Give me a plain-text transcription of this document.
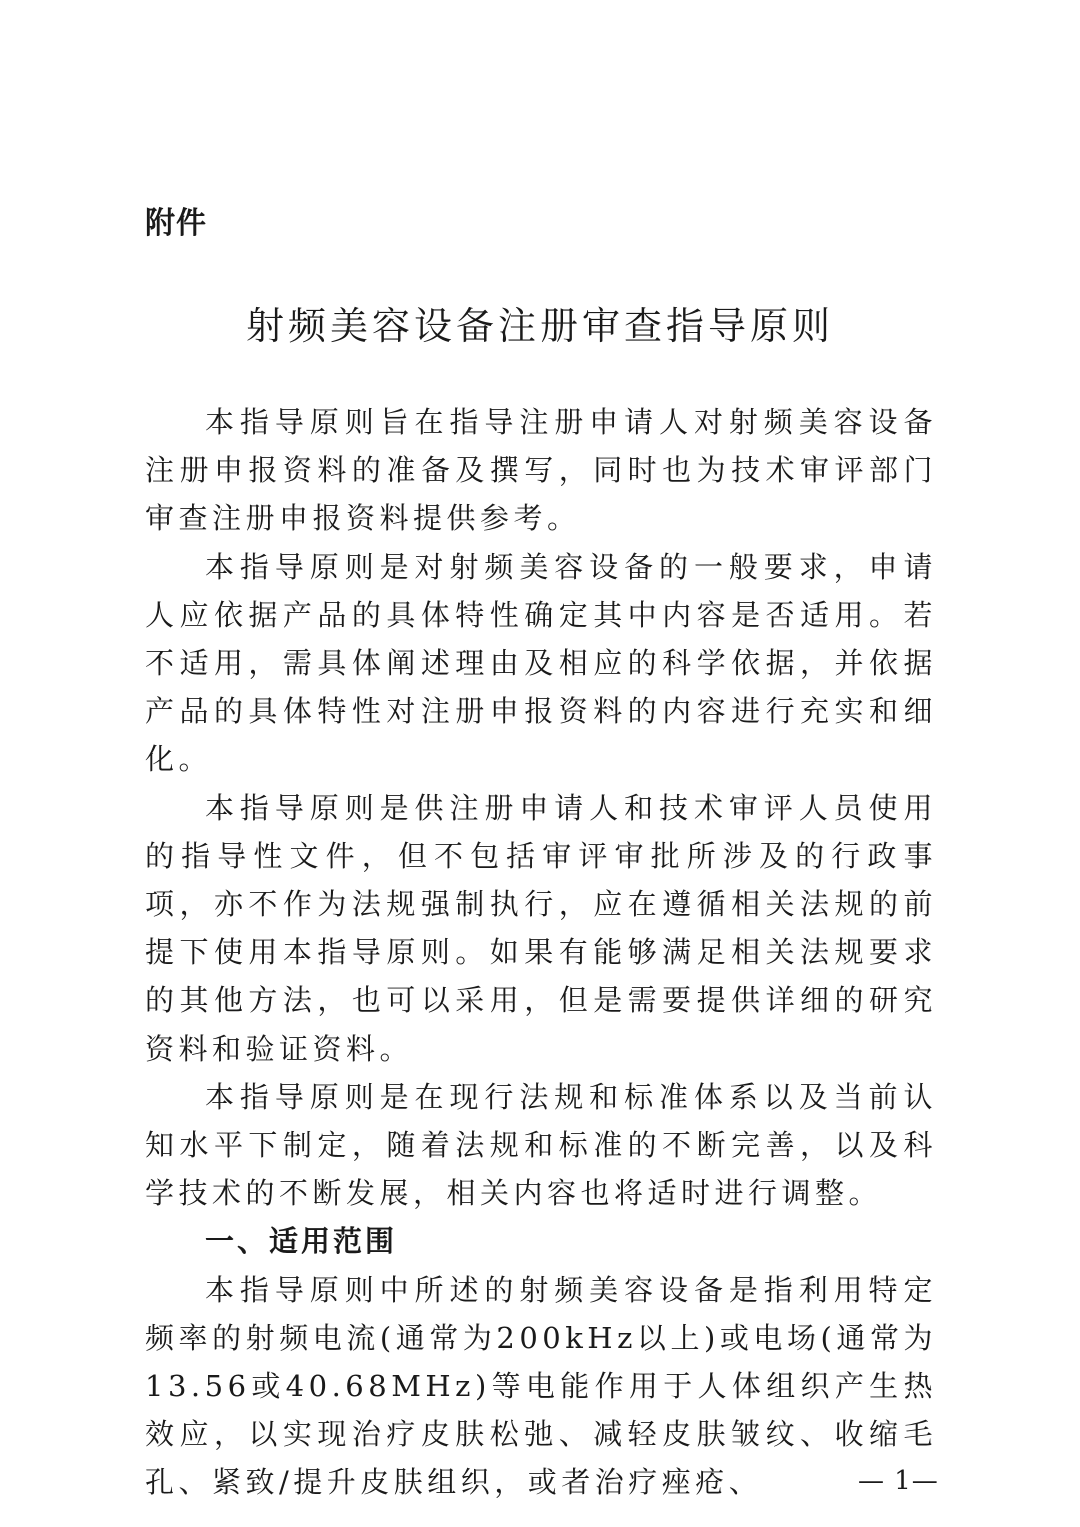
附件
射频美容设备注册审查指导原则

本指导原则旨在指导注册申请人对射频美容设备注册申报资料的准备及撰写，同时也为技术审评部门审查注册申报资料提供参考。

本指导原则是对射频美容设备的一般要求，申请人应依据产品的具体特性确定其中内容是否适用。若不适用，需具体阐述理由及相应的科学依据，并依据产品的具体特性对注册申报资料的内容进行充实和细化。

本指导原则是供注册申请人和技术审评人员使用的指导性文件，但不包括审评审批所涉及的行政事项，亦不作为法规强制执行，应在遵循相关法规的前提下使用本指导原则。如果有能够满足相关法规要求的其他方法，也可以采用，但是需要提供详细的研究资料和验证资料。

本指导原则是在现行法规和标准体系以及当前认知水平下制定，随着法规和标准的不断完善，以及科学技术的不断发展，相关内容也将适时进行调整。

一、适用范围

本指导原则中所述的射频美容设备是指利用特定频率的射频电流(通常为200kHz以上)或电场(通常为13.56或40.68MHz)等电能作用于人体组织产生热效应，以实现治疗皮肤松弛、减轻皮肤皱纹、收缩毛孔、紧致/提升皮肤组织，或者治疗痤疮、	— 1—
